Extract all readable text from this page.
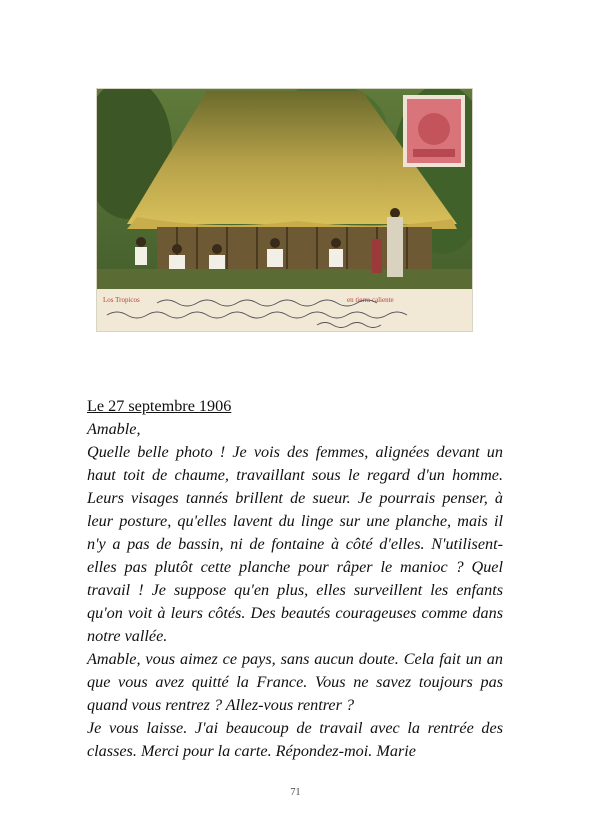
Los Tropicos	en tierra caliente
Le 27 septembre 1906
Amable,
Quelle belle photo ! Je vois des femmes, alignées devant un haut toit de chaume, travaillant sous le regard d'un homme. Leurs visages tannés brillent de sueur. Je pourrais penser, à leur posture, qu'elles lavent du linge sur une planche, mais il n'y a pas de bassin, ni de fontaine à côté d'elles. N'utilisent-elles pas plutôt cette planche pour râper le manioc ? Quel travail ! Je suppose qu'en plus, elles surveillent les enfants qu'on voit à leurs côtés. Des beautés courageuses comme dans notre vallée.
Amable, vous aimez ce pays, sans aucun doute. Cela fait un an que vous avez quitté la France. Vous ne savez toujours pas quand vous rentrez ? Allez-vous rentrer ?
Je vous laisse. J'ai beaucoup de travail avec la rentrée des classes. Merci pour la carte. Répondez-moi. Marie
71
